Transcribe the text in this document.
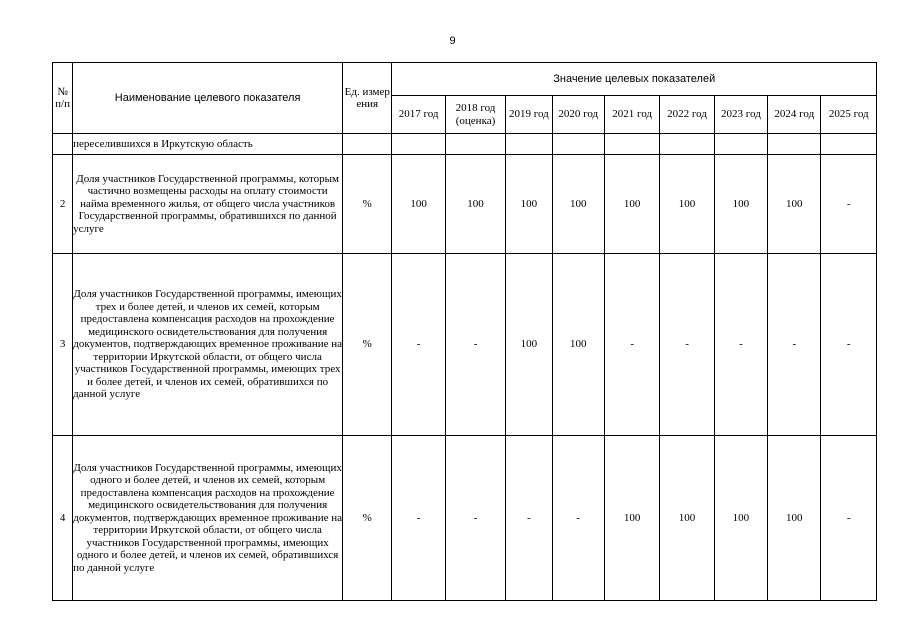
9
№ п/п	Наименование целевого показателя	Ед. измер ения	Значение целевых показателей								
			2017 год	2018 год (оценка)	2019 год	2020 год	2021 год	2022 год	2023 год	2024 год	2025 год
	переселившихся в Иркутскую область										
2	Доля участников Государственной программы, которым частично возмещены расходы на оплату стоимости найма временного жилья, от общего числа участников Государственной программы, обратившихся по данной услуге	%	100	100	100	100	100	100	100	100	-
3	Доля участников Государственной программы, имеющих трех и более детей, и членов их семей, которым предоставлена компенсация расходов на прохождение медицинского освидетельствования для получения документов, подтверждающих временное проживание на территории Иркутской области, от общего числа участников Государственной программы, имеющих трех и более детей, и членов их семей, обратившихся по данной услуге	%	-	-	100	100	-	-	-	-	-
4	Доля участников Государственной программы, имеющих одного и более детей, и членов их семей, которым предоставлена компенсация расходов на прохождение медицинского освидетельствования для получения документов, подтверждающих временное проживание на территории Иркутской области, от общего числа участников Государственной программы, имеющих одного и более детей, и членов их семей, обратившихся по данной услуге	%	-	-	-	-	100	100	100	100	-
